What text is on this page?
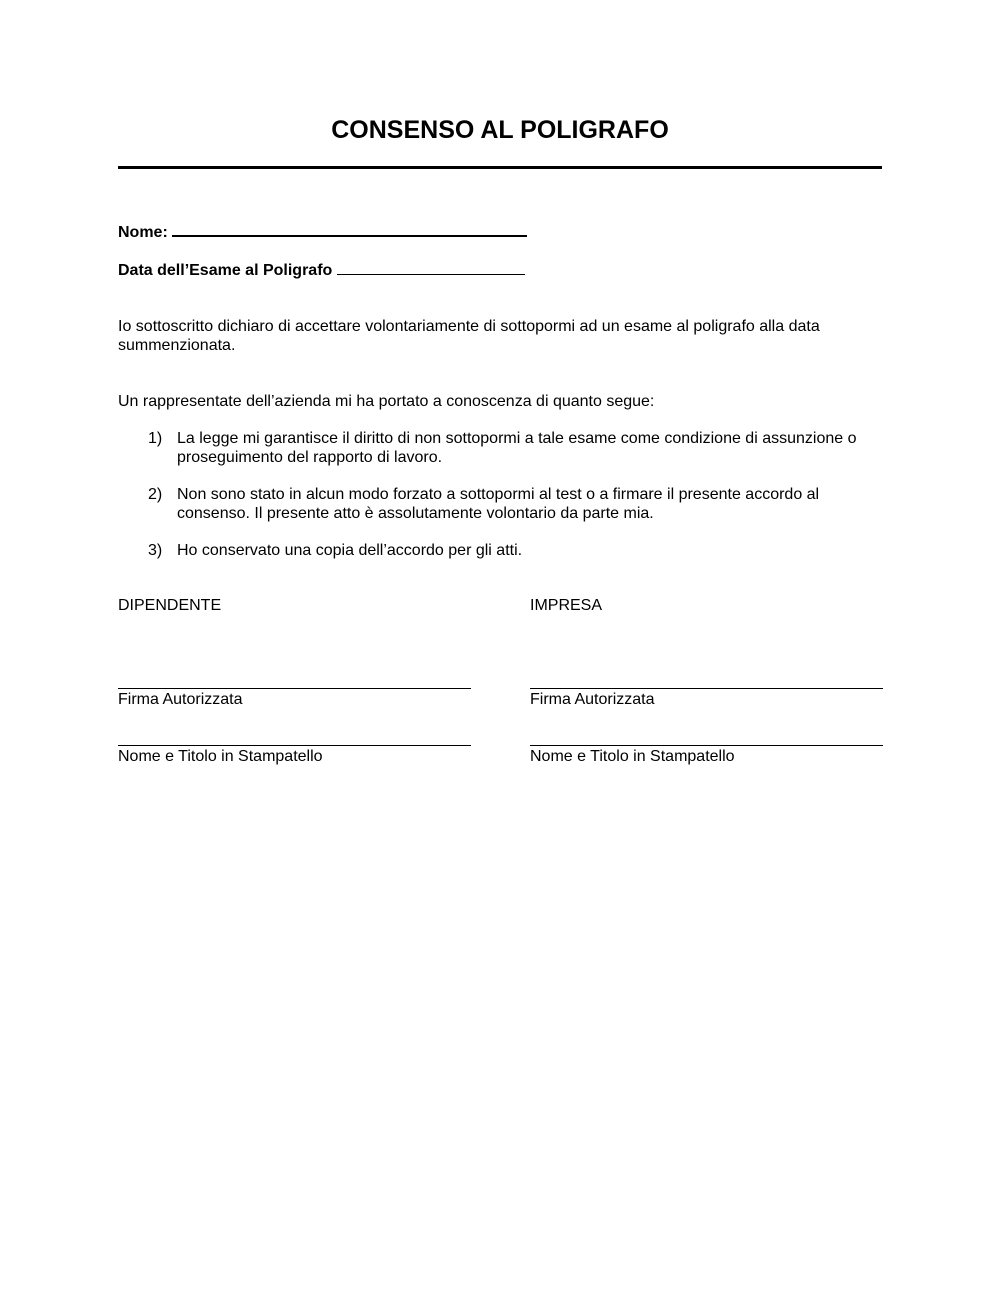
CONSENSO AL POLIGRAFO
Nome:
Data dell’Esame al Poligrafo
Io sottoscritto dichiaro di accettare volontariamente di sottopormi ad un esame al poligrafo alla data summenzionata.
Un rappresentate dell’azienda mi ha portato a conoscenza di quanto segue:
1) La legge mi garantisce il diritto di non sottopormi a tale esame come condizione di assunzione o proseguimento del rapporto di lavoro.
2) Non sono stato in alcun modo forzato a sottopormi al test o a firmare il presente accordo al consenso. Il presente atto è assolutamente volontario da parte mia.
3) Ho conservato una copia dell’accordo per gli atti.
DIPENDENTE	IMPRESA
Firma Autorizzata	Firma Autorizzata
Nome e Titolo in Stampatello	Nome e Titolo in Stampatello
